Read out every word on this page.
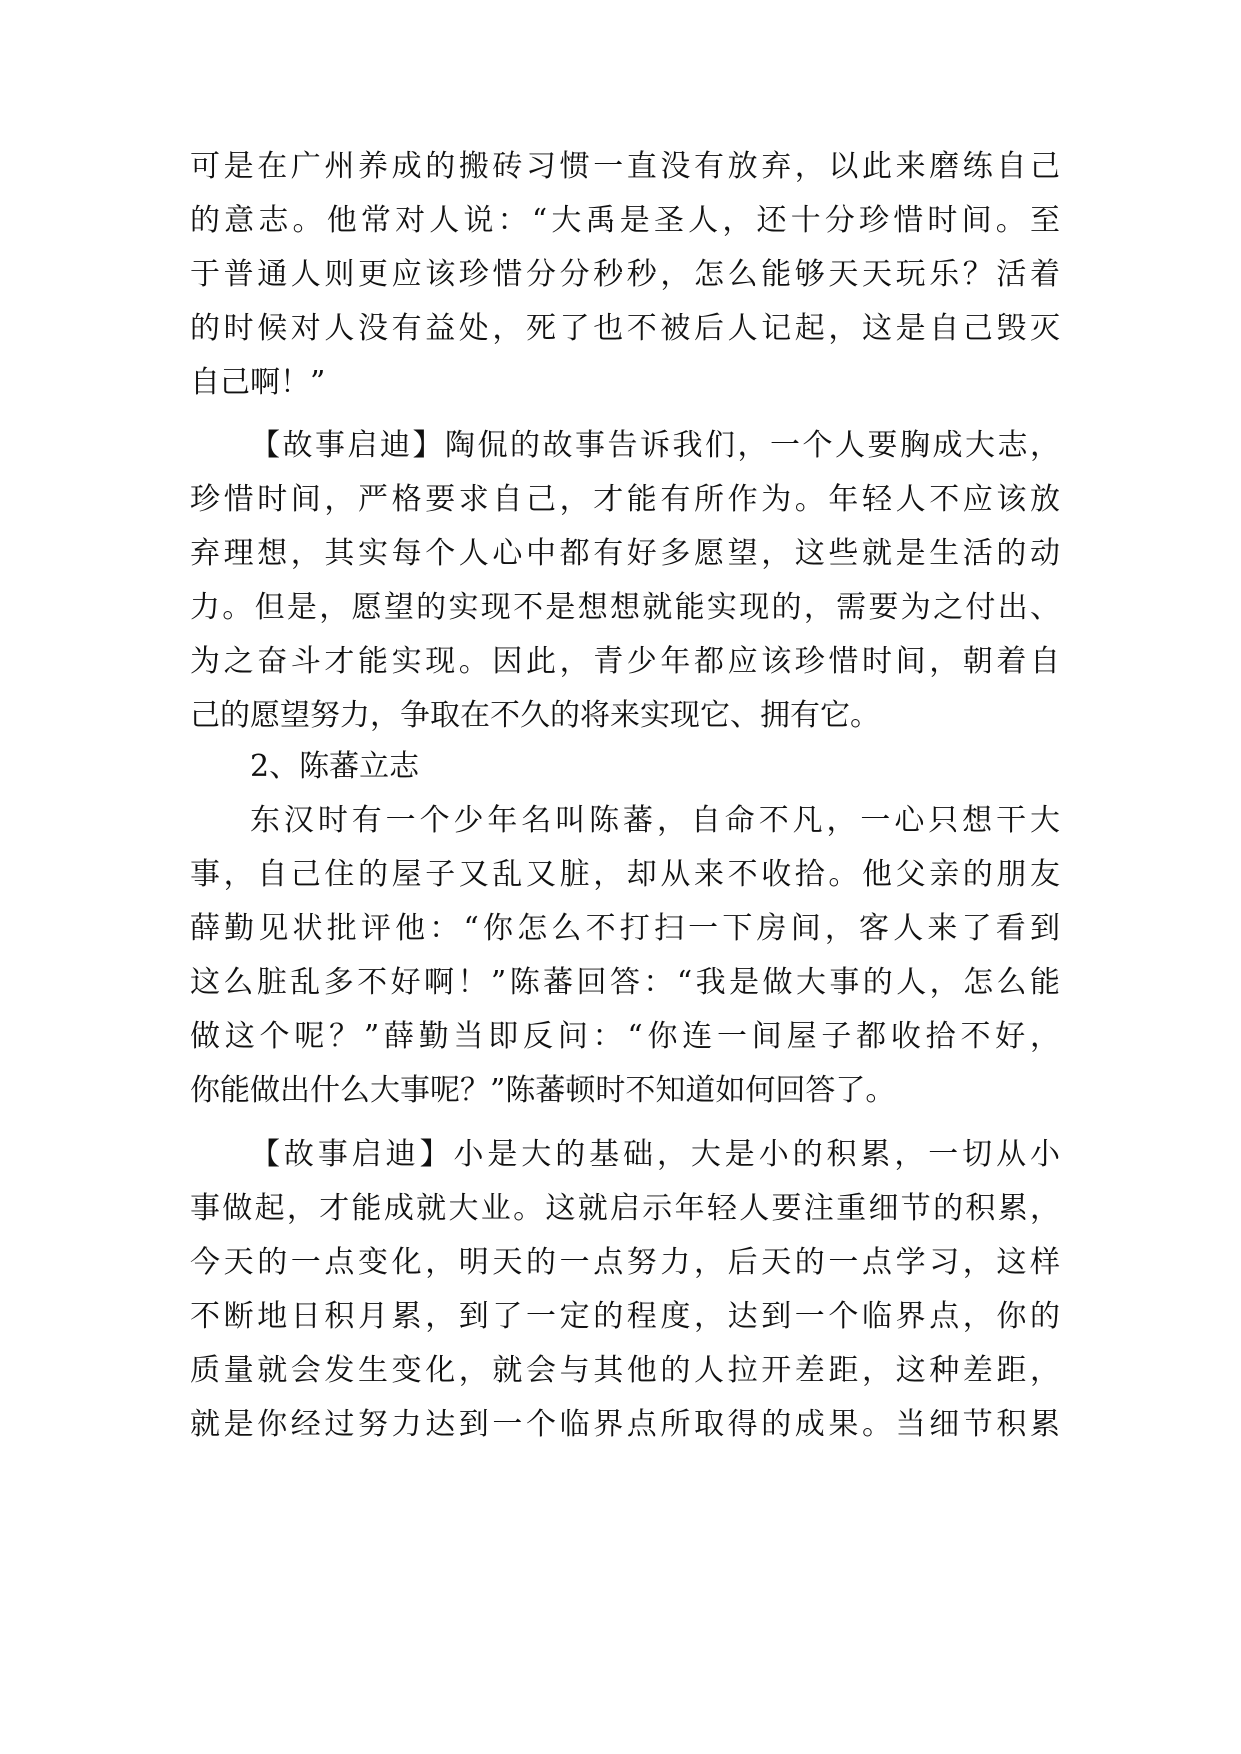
可是在广州养成的搬砖习惯一直没有放弃，以此来磨练自己
的意志。他常对人说：“大禹是圣人，还十分珍惜时间。至
于普通人则更应该珍惜分分秒秒，怎么能够天天玩乐？活着
的时候对人没有益处，死了也不被后人记起，这是自己毁灭
自己啊！”
【故事启迪】陶侃的故事告诉我们，一个人要胸成大志，
珍惜时间，严格要求自己，才能有所作为。年轻人不应该放
弃理想，其实每个人心中都有好多愿望，这些就是生活的动
力。但是，愿望的实现不是想想就能实现的，需要为之付出、
为之奋斗才能实现。因此，青少年都应该珍惜时间，朝着自
己的愿望努力，争取在不久的将来实现它、拥有它。
2、陈蕃立志
东汉时有一个少年名叫陈蕃，自命不凡，一心只想干大
事，自己住的屋子又乱又脏，却从来不收拾。他父亲的朋友
薛勤见状批评他：“你怎么不打扫一下房间，客人来了看到
这么脏乱多不好啊！”陈蕃回答：“我是做大事的人，怎么能
做这个呢？”薛勤当即反问：“你连一间屋子都收拾不好，
你能做出什么大事呢？”陈蕃顿时不知道如何回答了。
【故事启迪】小是大的基础，大是小的积累，一切从小
事做起，才能成就大业。这就启示年轻人要注重细节的积累，
今天的一点变化，明天的一点努力，后天的一点学习，这样
不断地日积月累，到了一定的程度，达到一个临界点，你的
质量就会发生变化，就会与其他的人拉开差距，这种差距，
就是你经过努力达到一个临界点所取得的成果。当细节积累
